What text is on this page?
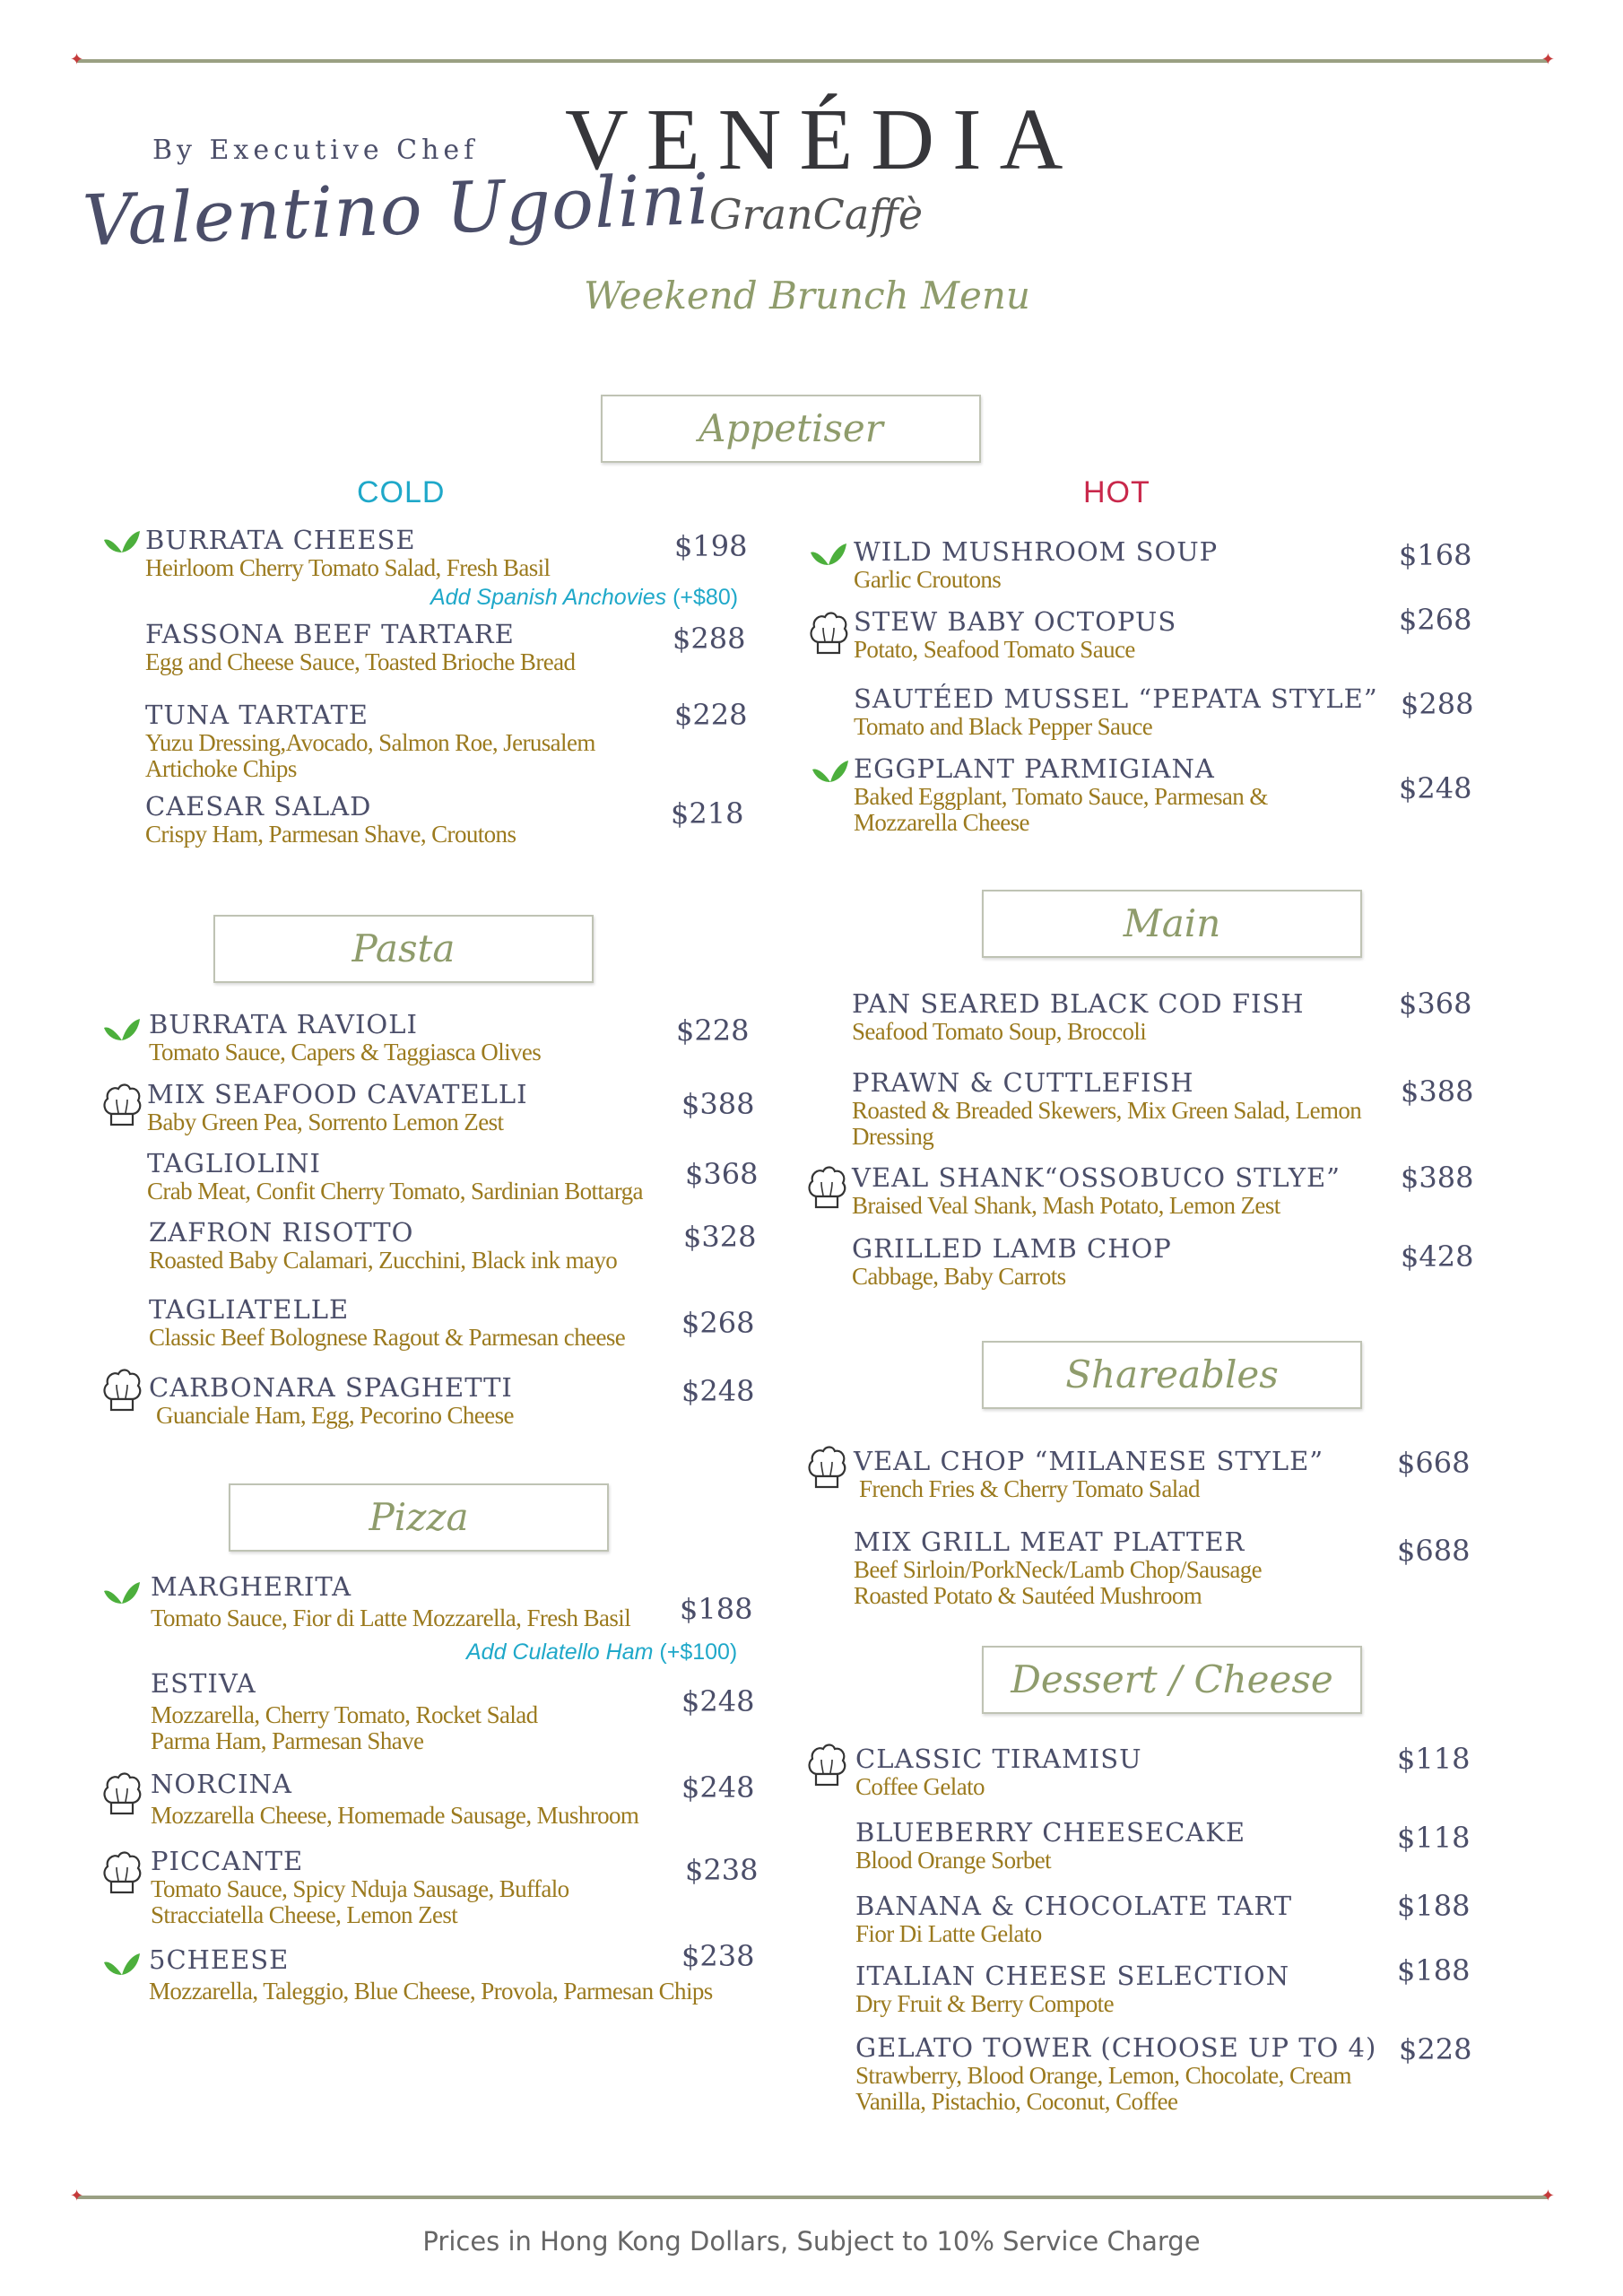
✦	✦
By Executive Chef
Valentino Ugolini
VENÉDIA
GranCaffè
Weekend Brunch Menu
Appetiser
COLD	HOT
Pasta
Pizza
Main
Shareables
Dessert / Cheese
BURRATA CHEESE
Heirloom Cherry Tomato Salad, Fresh Basil
$198
Add Spanish Anchovies (+$80)
FASSONA BEEF TARTARE
Egg and Cheese Sauce, Toasted Brioche Bread
$288
TUNA TARTATE
Yuzu Dressing,Avocado, Salmon Roe, Jerusalem Artichoke Chips
$228
CAESAR SALAD
Crispy Ham, Parmesan Shave, Croutons
$218
WILD MUSHROOM SOUP
Garlic Croutons
$168
STEW BABY OCTOPUS
Potato, Seafood Tomato Sauce
$268
SAUTÉED MUSSEL “PEPATA STYLE”
Tomato and Black Pepper Sauce
$288
EGGPLANT PARMIGIANA
Baked Eggplant, Tomato Sauce, Parmesan & Mozzarella Cheese
$248
BURRATA RAVIOLI
Tomato Sauce, Capers & Taggiasca Olives
$228
MIX SEAFOOD CAVATELLI
Baby Green Pea, Sorrento Lemon Zest
$388
TAGLIOLINI
Crab Meat, Confit Cherry Tomato, Sardinian Bottarga $368
ZAFRON RISOTTO
Roasted Baby Calamari, Zucchini, Black ink mayo
$328
TAGLIATELLE
Classic Beef Bolognese Ragout & Parmesan cheese $268
CARBONARA SPAGHETTI
Guanciale Ham, Egg, Pecorino Cheese
$248
MARGHERITA
Tomato Sauce, Fior di Latte Mozzarella, Fresh Basil $188
Add Culatello Ham (+$100)
ESTIVA
Mozzarella, Cherry Tomato, Rocket Salad Parma Ham, Parmesan Shave
$248
NORCINA
Mozzarella Cheese, Homemade Sausage, Mushroom
$248
PICCANTE
Tomato Sauce, Spicy Nduja Sausage, Buffalo Stracciatella Cheese, Lemon Zest
$238
5CHEESE
Mozzarella, Taleggio, Blue Cheese, Provola, Parmesan Chips
$238
PAN SEARED BLACK COD FISH
Seafood Tomato Soup, Broccoli
$368
PRAWN & CUTTLEFISH
Roasted & Breaded Skewers, Mix Green Salad, Lemon Dressing
$388
VEAL SHANK“OSSOBUCO STLYE”
Braised Veal Shank, Mash Potato, Lemon Zest
$388
GRILLED LAMB CHOP
Cabbage, Baby Carrots
$428
VEAL CHOP “MILANESE STYLE”
French Fries & Cherry Tomato Salad
$668
MIX GRILL MEAT PLATTER
Beef Sirloin/PorkNeck/Lamb Chop/Sausage Roasted Potato & Sautéed Mushroom
$688
CLASSIC TIRAMISU
Coffee Gelato
$118
BLUEBERRY CHEESECAKE
Blood Orange Sorbet
$118
BANANA & CHOCOLATE TART
Fior Di Latte Gelato
$188
ITALIAN CHEESE SELECTION
Dry Fruit & Berry Compote
$188
GELATO TOWER (CHOOSE UP TO 4)
Strawberry, Blood Orange, Lemon, Chocolate, Cream Vanilla, Pistachio, Coconut, Coffee
$228
✦	✦
Prices in Hong Kong Dollars, Subject to 10% Service Charge
